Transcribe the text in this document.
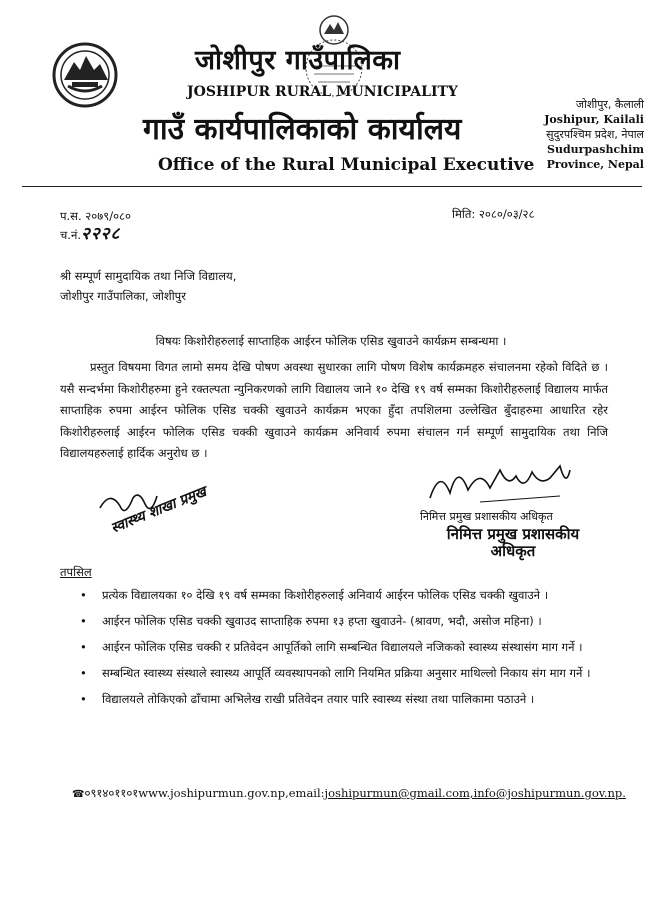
जोशीपुर गाउँपालिका
JOSHIPUR RURAL MUNICIPALITY
गाउँ कार्यपालिकाको कार्यालय
Office of the Rural Municipal Executive
जोशीपुर, कैलाली
Joshipur, Kailali
सुदुरपश्चिम प्रदेश, नेपाल
Sudurpashchim
Province, Nepal
प.स. २०७९/०८०
च.नं.२२२८
मिति: २०८०/०३/२८
श्री सम्पूर्ण सामुदायिक तथा निजि विद्यालय,
जोशीपुर गाउँपालिका, जोशीपुर
विषयः किशोरीहरुलाई साप्ताहिक आईरन फोलिक एसिड खुवाउने कार्यक्रम सम्बन्धमा ।

प्रस्तुत विषयमा विगत लामो समय देखि पोषण अवस्था सुधारका लागि पोषण विशेष कार्यक्रमहरु संचालनमा रहेको विदिते छ । यसै सन्दर्भमा किशोरीहरुमा हुने रक्तल्पता न्युनिकरणको लागि विद्यालय जाने १० देखि १९ वर्ष सम्मका किशोरीहरुलाई विद्यालय मार्फत साप्ताहिक रुपमा आईरन फोलिक एसिड चक्की खुवाउने कार्यक्रम भएका हुँदा तपशिलमा उल्लेखित बुँदाहरुमा आधारित रहेर किशोरीहरुलाई आईरन फोलिक एसिड चक्की खुवाउने कार्यक्रम अनिवार्य रुपमा संचालन गर्न सम्पूर्ण सामुदायिक तथा निजि विद्यालयहरुलाई हार्दिक अनुरोध छ ।

निमित्त प्रमुख प्रशासकीय अधिकृत
निमित्त प्रमुख प्रशासकीय
अधिकृत
स्वास्थ्य शाखा प्रमुख
तपसिल
• प्रत्येक विद्यालयका १० देखि १९ वर्ष सम्मका किशोरीहरुलाई अनिवार्य आईरन फोलिक एसिड चक्की खुवाउने ।
• आईरन फोलिक एसिड चक्की खुवाउद साप्ताहिक रुपमा १३ हप्ता खुवाउने- (श्रावण, भदौ, असोज महिना) ।
• आईरन फोलिक एसिड चक्की र प्रतिवेदन आपूर्तिको लागि सम्बन्धित विद्यालयले नजिकको स्वास्थ्य संस्थासंग माग गर्ने ।
• सम्बन्धित स्वास्थ्य संस्थाले स्वास्थ्य आपूर्ति व्यवस्थापनको लागि नियमित प्रक्रिया अनुसार माथिल्लो निकाय संग माग गर्ने ।
• विद्यालयले तोकिएको ढाँचामा अभिलेख राखी प्रतिवेदन तयार पारि स्वास्थ्य संस्था तथा पालिकामा पठाउने ।
☎०९१४०११०१www.joshipurmun.gov.np,email:joshipurmun@gmail.com,info@joshipurmun.gov.np.
